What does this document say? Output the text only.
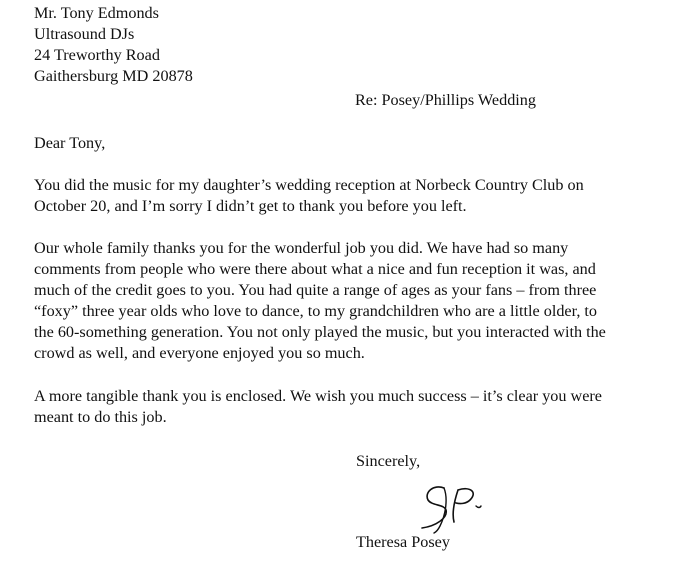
Mr. Tony Edmonds

Ultrasound DJs

24 Treworthy Road

Gaithersburg MD 20878

Re: Posey/Phillips Wedding

Dear Tony,

You did the music for my daughter’s wedding reception at Norbeck Country Club on
October 20, and I’m sorry I didn’t get to thank you before you left.
Our whole family thanks you for the wonderful job you did. We have had so many
comments from people who were there about what a nice and fun reception it was, and
much of the credit goes to you. You had quite a range of ages as your fans – from three
“foxy” three year olds who love to dance, to my grandchildren who are a little older, to
the 60-something generation. You not only played the music, but you interacted with the
crowd as well, and everyone enjoyed you so much.
A more tangible thank you is enclosed. We wish you much success – it’s clear you were
meant to do this job.

Sincerely,

Theresa Posey
